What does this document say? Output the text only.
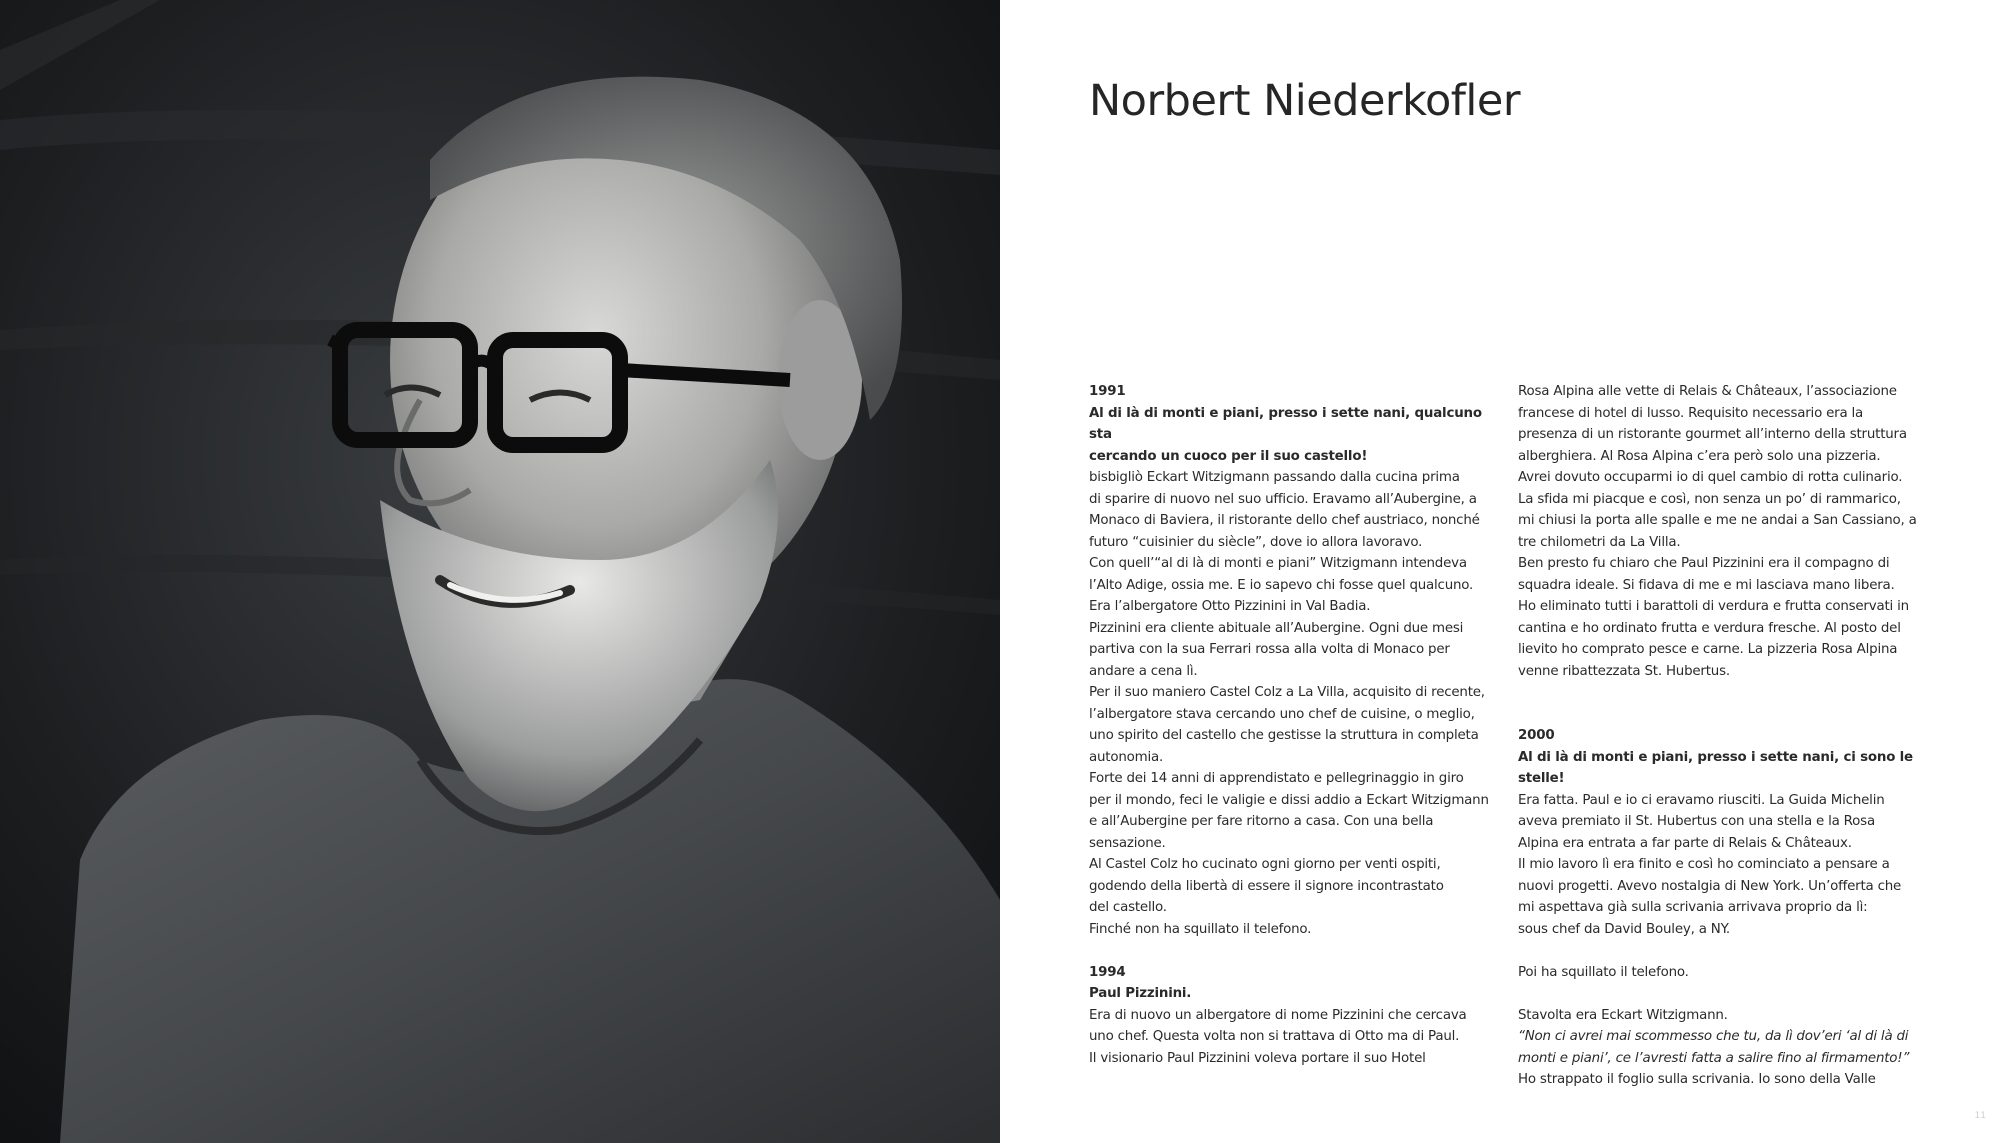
Norbert Niederkofler

1991

Al di là di monti e piani, presso i sette nani, qualcuno sta
cercando un cuoco per il suo castello!

bisbigliò Eckart Witzigmann passando dalla cucina prima
di sparire di nuovo nel suo ufficio. Eravamo all’Aubergine, a
Monaco di Baviera, il ristorante dello chef austriaco, nonché
futuro “cuisinier du siècle”, dove io allora lavoravo.
Con quell’“al di là di monti e piani” Witzigmann intendeva
l’Alto Adige, ossia me. E io sapevo chi fosse quel qualcuno.
Era l’albergatore Otto Pizzinini in Val Badia.
Pizzinini era cliente abituale all’Aubergine. Ogni due mesi
partiva con la sua Ferrari rossa alla volta di Monaco per
andare a cena lì.
Per il suo maniero Castel Colz a La Villa, acquisito di recente,
l’albergatore stava cercando uno chef de cuisine, o meglio,
uno spirito del castello che gestisse la struttura in completa
autonomia.
Forte dei 14 anni di apprendistato e pellegrinaggio in giro
per il mondo, feci le valigie e dissi addio a Eckart Witzigmann
e all’Aubergine per fare ritorno a casa. Con una bella
sensazione.
Al Castel Colz ho cucinato ogni giorno per venti ospiti,
godendo della libertà di essere il signore incontrastato
del castello.
Finché non ha squillato il telefono.

1994

Paul Pizzinini.

Era di nuovo un albergatore di nome Pizzinini che cercava
uno chef. Questa volta non si trattava di Otto ma di Paul.
Il visionario Paul Pizzinini voleva portare il suo Hotel

Rosa Alpina alle vette di Relais & Châteaux, l’associazione
francese di hotel di lusso. Requisito necessario era la
presenza di un ristorante gourmet all’interno della struttura
alberghiera. Al Rosa Alpina c’era però solo una pizzeria.
Avrei dovuto occuparmi io di quel cambio di rotta culinario.
La sfida mi piacque e così, non senza un po’ di rammarico,
mi chiusi la porta alle spalle e me ne andai a San Cassiano, a
tre chilometri da La Villa.
Ben presto fu chiaro che Paul Pizzinini era il compagno di
squadra ideale. Si fidava di me e mi lasciava mano libera.
Ho eliminato tutti i barattoli di verdura e frutta conservati in
cantina e ho ordinato frutta e verdura fresche. Al posto del
lievito ho comprato pesce e carne. La pizzeria Rosa Alpina
venne ribattezzata St. Hubertus.

2000

Al di là di monti e piani, presso i sette nani, ci sono le stelle!

Era fatta. Paul e io ci eravamo riusciti. La Guida Michelin
aveva premiato il St. Hubertus con una stella e la Rosa
Alpina era entrata a far parte di Relais & Châteaux.
Il mio lavoro lì era finito e così ho cominciato a pensare a
nuovi progetti. Avevo nostalgia di New York. Un’offerta che
mi aspettava già sulla scrivania arrivava proprio da lì:
sous chef da David Bouley, a NY.

Poi ha squillato il telefono.

Stavolta era Eckart Witzigmann.

“Non ci avrei mai scommesso che tu, da lì dov’eri ‘al di là di
monti e piani’, ce l’avresti fatta a salire fino al firmamento!”

Ho strappato il foglio sulla scrivania. Io sono della Valle

11
